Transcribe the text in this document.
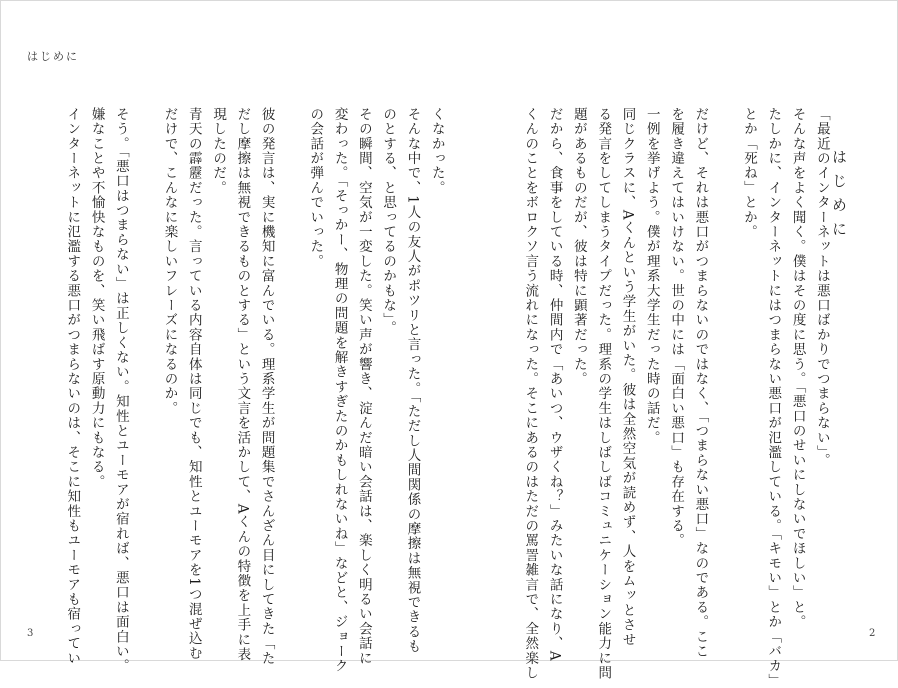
はじめに
はじめに
「最近のインターネットは悪口ばかりでつまらない」。
そんな声をよく聞く。僕はその度に思う。「悪口のせいにしないでほしい」と。
たしかに、インターネットにはつまらない悪口が氾濫している。「キモい」とか「バカ」
とか「死ね」とか。

だけど、それは悪口がつまらないのではなく、「つまらない悪口」なのである。ここ
を履き違えてはいけない。世の中には「面白い悪口」も存在する。
一例を挙げよう。僕が理系大学生だった時の話だ。
同じクラスに、Aくんという学生がいた。彼は全然空気が読めず、人をムッとさせ
る発言をしてしまうタイプだった。理系の学生はしばしばコミュニケーション能力に問
題があるものだが、彼は特に顕著だった。
だから、食事をしている時、仲間内で「あいつ、ウザくね？」みたいな話になり、A
くんのことをボロクソ言う流れになった。そこにあるのはただの罵詈雑言で、全然楽し
くなかった。
そんな中で、1人の友人がポツリと言った。「ただし人間関係の摩擦は無視できるも
のとする、と思ってるのかもな」。
その瞬間、空気が一変した。笑い声が響き、淀んだ暗い会話は、楽しく明るい会話に
変わった。「そっかー、物理の問題を解きすぎたのかもしれないね」などと、ジョーク
の会話が弾んでいった。

彼の発言は、実に機知に富んでいる。理系学生が問題集でさんざん目にしてきた「た
だし摩擦は無視できるものとする」という文言を活かして、Aくんの特徴を上手に表
現したのだ。
青天の霹靂だった。言っている内容自体は同じでも、知性とユーモアを1つ混ぜ込む
だけで、こんなに楽しいフレーズになるのか。

そう。「悪口はつまらない」は正しくない。知性とユーモアが宿れば、悪口は面白い。
嫌なことや不愉快なものを、笑い飛ばす原動力にもなる。
インターネットに氾濫する悪口がつまらないのは、そこに知性もユーモアも宿ってい
3	2
